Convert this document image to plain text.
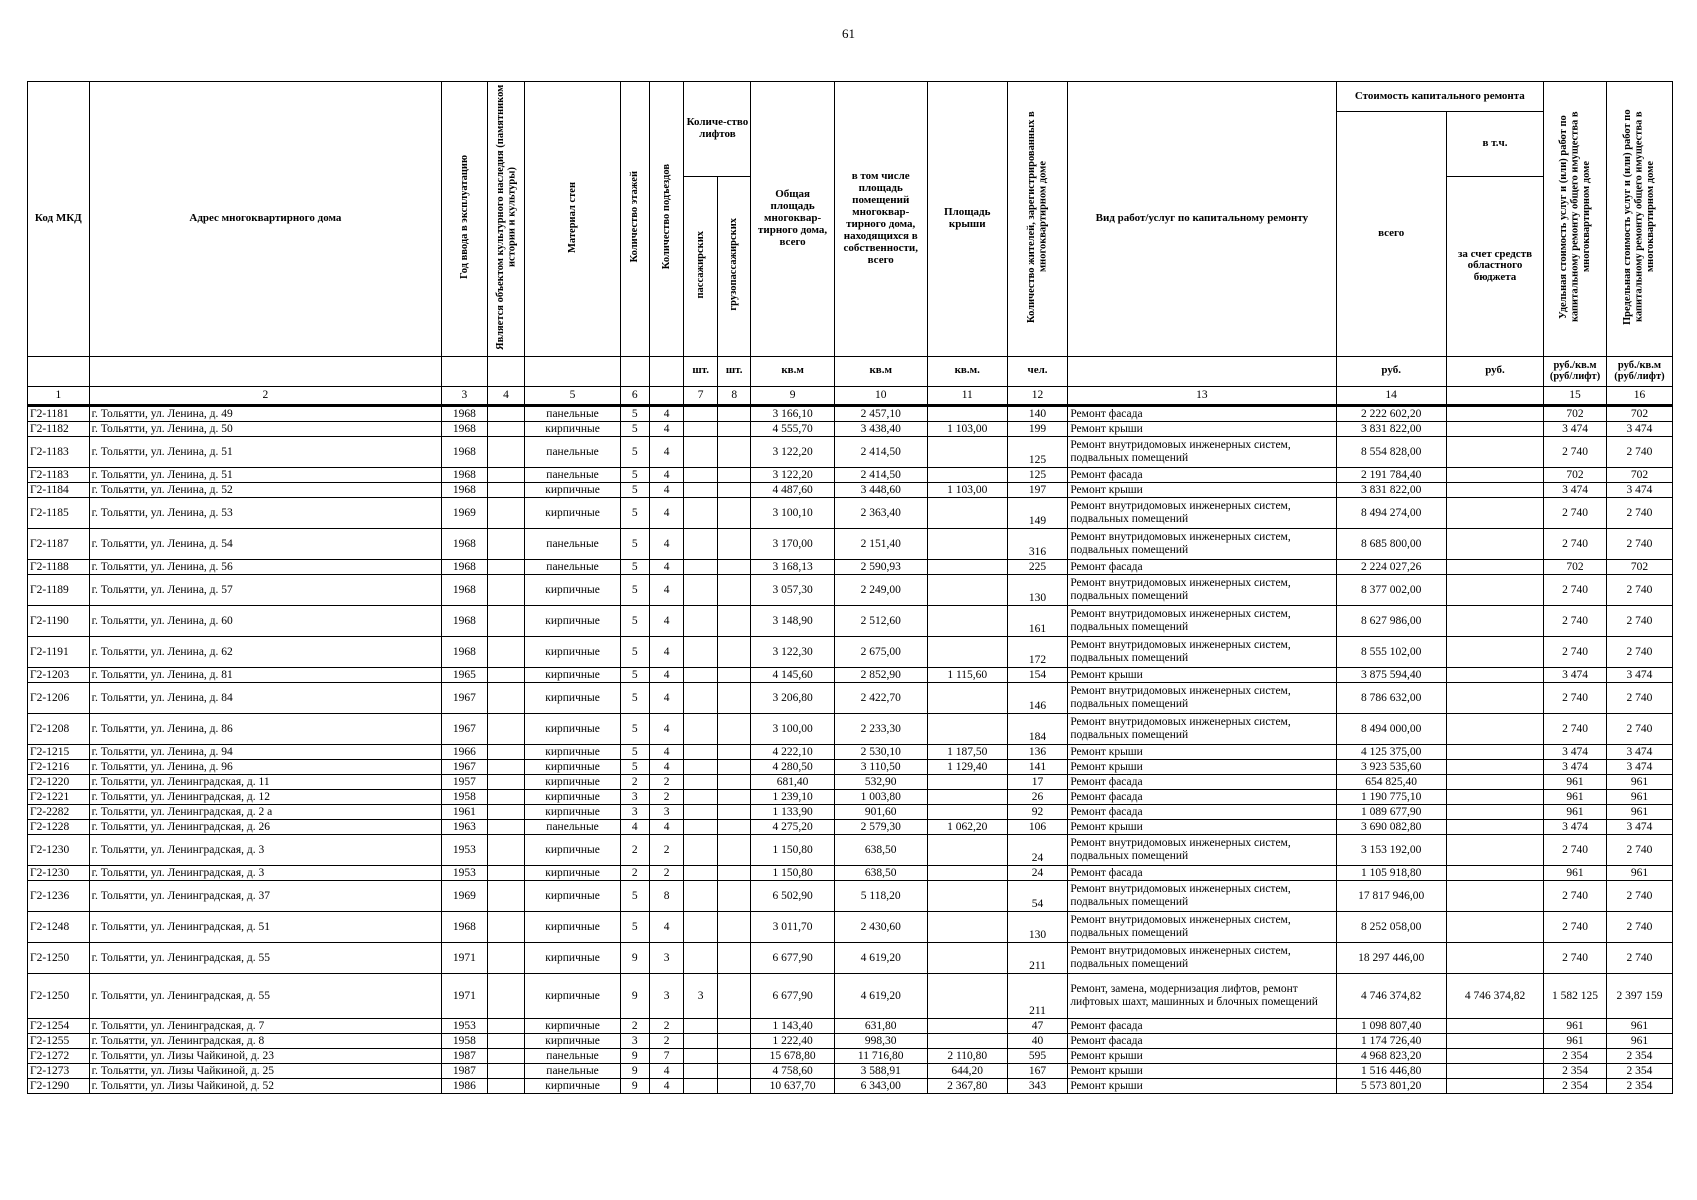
61
Код МКД	Адрес многоквартирного дома	Год ввода в эксплуатацию	Является объектом культурного наследия (памятником истории и культуры)	Материал стен	Количество этажей	Количество подъездов	Количе-ство лифтов		Общая площадь многоквар-тирного дома, всего	в том числе площадь помещений многоквар-тирного дома, находящихся в собственности, всего	Площадь крыши	Количество жителей, зарегистрированных в многоквартирном доме	Вид работ/услуг по капитальному ремонту	Стоимость капитального ремонта		Удельная стоимость услуг и (или) работ по капитальному ремонту общего имущества в многоквартирном доме	Предельная стоимость услуг и (или) работ по капитальному ремонту общего имущества в многоквартирном доме
														всего	в т.ч.		
							пассажирских	грузопассажирских							за счет средств областного бюджета		
							шт.	шт.	кв.м	кв.м	кв.м.	чел.		руб.	руб.	руб./кв.м (руб/лифт)	руб./кв.м (руб/лифт)
1	2	3	4	5	6		7	8	9	10	11	12	13	14		15	16
Г2-1181	г. Тольятти, ул. Ленина, д. 49	1968		панельные	5	4			3 166,10	2 457,10		140	Ремонт фасада	2 222 602,20		702	702
Г2-1182	г. Тольятти, ул. Ленина, д. 50	1968		кирпичные	5	4			4 555,70	3 438,40	1 103,00	199	Ремонт крыши	3 831 822,00		3 474	3 474
Г2-1183	г. Тольятти, ул. Ленина, д. 51	1968		панельные	5	4			3 122,20	2 414,50		125	Ремонт внутридомовых инженерных систем, подвальных помещений	8 554 828,00		2 740	2 740
Г2-1183	г. Тольятти, ул. Ленина, д. 51	1968		панельные	5	4			3 122,20	2 414,50		125	Ремонт фасада	2 191 784,40		702	702
Г2-1184	г. Тольятти, ул. Ленина, д. 52	1968		кирпичные	5	4			4 487,60	3 448,60	1 103,00	197	Ремонт крыши	3 831 822,00		3 474	3 474
Г2-1185	г. Тольятти, ул. Ленина, д. 53	1969		кирпичные	5	4			3 100,10	2 363,40		149	Ремонт внутридомовых инженерных систем, подвальных помещений	8 494 274,00		2 740	2 740
Г2-1187	г. Тольятти, ул. Ленина, д. 54	1968		панельные	5	4			3 170,00	2 151,40		316	Ремонт внутридомовых инженерных систем, подвальных помещений	8 685 800,00		2 740	2 740
Г2-1188	г. Тольятти, ул. Ленина, д. 56	1968		панельные	5	4			3 168,13	2 590,93		225	Ремонт фасада	2 224 027,26		702	702
Г2-1189	г. Тольятти, ул. Ленина, д. 57	1968		кирпичные	5	4			3 057,30	2 249,00		130	Ремонт внутридомовых инженерных систем, подвальных помещений	8 377 002,00		2 740	2 740
Г2-1190	г. Тольятти, ул. Ленина, д. 60	1968		кирпичные	5	4			3 148,90	2 512,60		161	Ремонт внутридомовых инженерных систем, подвальных помещений	8 627 986,00		2 740	2 740
Г2-1191	г. Тольятти, ул. Ленина, д. 62	1968		кирпичные	5	4			3 122,30	2 675,00		172	Ремонт внутридомовых инженерных систем, подвальных помещений	8 555 102,00		2 740	2 740
Г2-1203	г. Тольятти, ул. Ленина, д. 81	1965		кирпичные	5	4			4 145,60	2 852,90	1 115,60	154	Ремонт крыши	3 875 594,40		3 474	3 474
Г2-1206	г. Тольятти, ул. Ленина, д. 84	1967		кирпичные	5	4			3 206,80	2 422,70		146	Ремонт внутридомовых инженерных систем, подвальных помещений	8 786 632,00		2 740	2 740
Г2-1208	г. Тольятти, ул. Ленина, д. 86	1967		кирпичные	5	4			3 100,00	2 233,30		184	Ремонт внутридомовых инженерных систем, подвальных помещений	8 494 000,00		2 740	2 740
Г2-1215	г. Тольятти, ул. Ленина, д. 94	1966		кирпичные	5	4			4 222,10	2 530,10	1 187,50	136	Ремонт крыши	4 125 375,00		3 474	3 474
Г2-1216	г. Тольятти, ул. Ленина, д. 96	1967		кирпичные	5	4			4 280,50	3 110,50	1 129,40	141	Ремонт крыши	3 923 535,60		3 474	3 474
Г2-1220	г. Тольятти, ул. Ленинградская, д. 11	1957		кирпичные	2	2			681,40	532,90		17	Ремонт фасада	654 825,40		961	961
Г2-1221	г. Тольятти, ул. Ленинградская, д. 12	1958		кирпичные	3	2			1 239,10	1 003,80		26	Ремонт фасада	1 190 775,10		961	961
Г2-2282	г. Тольятти, ул. Ленинградская, д. 2 а	1961		кирпичные	3	3			1 133,90	901,60		92	Ремонт фасада	1 089 677,90		961	961
Г2-1228	г. Тольятти, ул. Ленинградская, д. 26	1963		панельные	4	4			4 275,20	2 579,30	1 062,20	106	Ремонт крыши	3 690 082,80		3 474	3 474
Г2-1230	г. Тольятти, ул. Ленинградская, д. 3	1953		кирпичные	2	2			1 150,80	638,50		24	Ремонт внутридомовых инженерных систем, подвальных помещений	3 153 192,00		2 740	2 740
Г2-1230	г. Тольятти, ул. Ленинградская, д. 3	1953		кирпичные	2	2			1 150,80	638,50		24	Ремонт фасада	1 105 918,80		961	961
Г2-1236	г. Тольятти, ул. Ленинградская, д. 37	1969		кирпичные	5	8			6 502,90	5 118,20		54	Ремонт внутридомовых инженерных систем, подвальных помещений	17 817 946,00		2 740	2 740
Г2-1248	г. Тольятти, ул. Ленинградская, д. 51	1968		кирпичные	5	4			3 011,70	2 430,60		130	Ремонт внутридомовых инженерных систем, подвальных помещений	8 252 058,00		2 740	2 740
Г2-1250	г. Тольятти, ул. Ленинградская, д. 55	1971		кирпичные	9	3			6 677,90	4 619,20		211	Ремонт внутридомовых инженерных систем, подвальных помещений	18 297 446,00		2 740	2 740
Г2-1250	г. Тольятти, ул. Ленинградская, д. 55	1971		кирпичные	9	3	3		6 677,90	4 619,20		211	Ремонт, замена, модернизация лифтов, ремонт лифтовых шахт, машинных и блочных помещений	4 746 374,82	4 746 374,82	1 582 125	2 397 159
Г2-1254	г. Тольятти, ул. Ленинградская, д. 7	1953		кирпичные	2	2			1 143,40	631,80		47	Ремонт фасада	1 098 807,40		961	961
Г2-1255	г. Тольятти, ул. Ленинградская, д. 8	1958		кирпичные	3	2			1 222,40	998,30		40	Ремонт фасада	1 174 726,40		961	961
Г2-1272	г. Тольятти, ул. Лизы Чайкиной, д. 23	1987		панельные	9	7			15 678,80	11 716,80	2 110,80	595	Ремонт крыши	4 968 823,20		2 354	2 354
Г2-1273	г. Тольятти, ул. Лизы Чайкиной, д. 25	1987		панельные	9	4			4 758,60	3 588,91	644,20	167	Ремонт крыши	1 516 446,80		2 354	2 354
Г2-1290	г. Тольятти, ул. Лизы Чайкиной, д. 52	1986		кирпичные	9	4			10 637,70	6 343,00	2 367,80	343	Ремонт крыши	5 573 801,20		2 354	2 354
